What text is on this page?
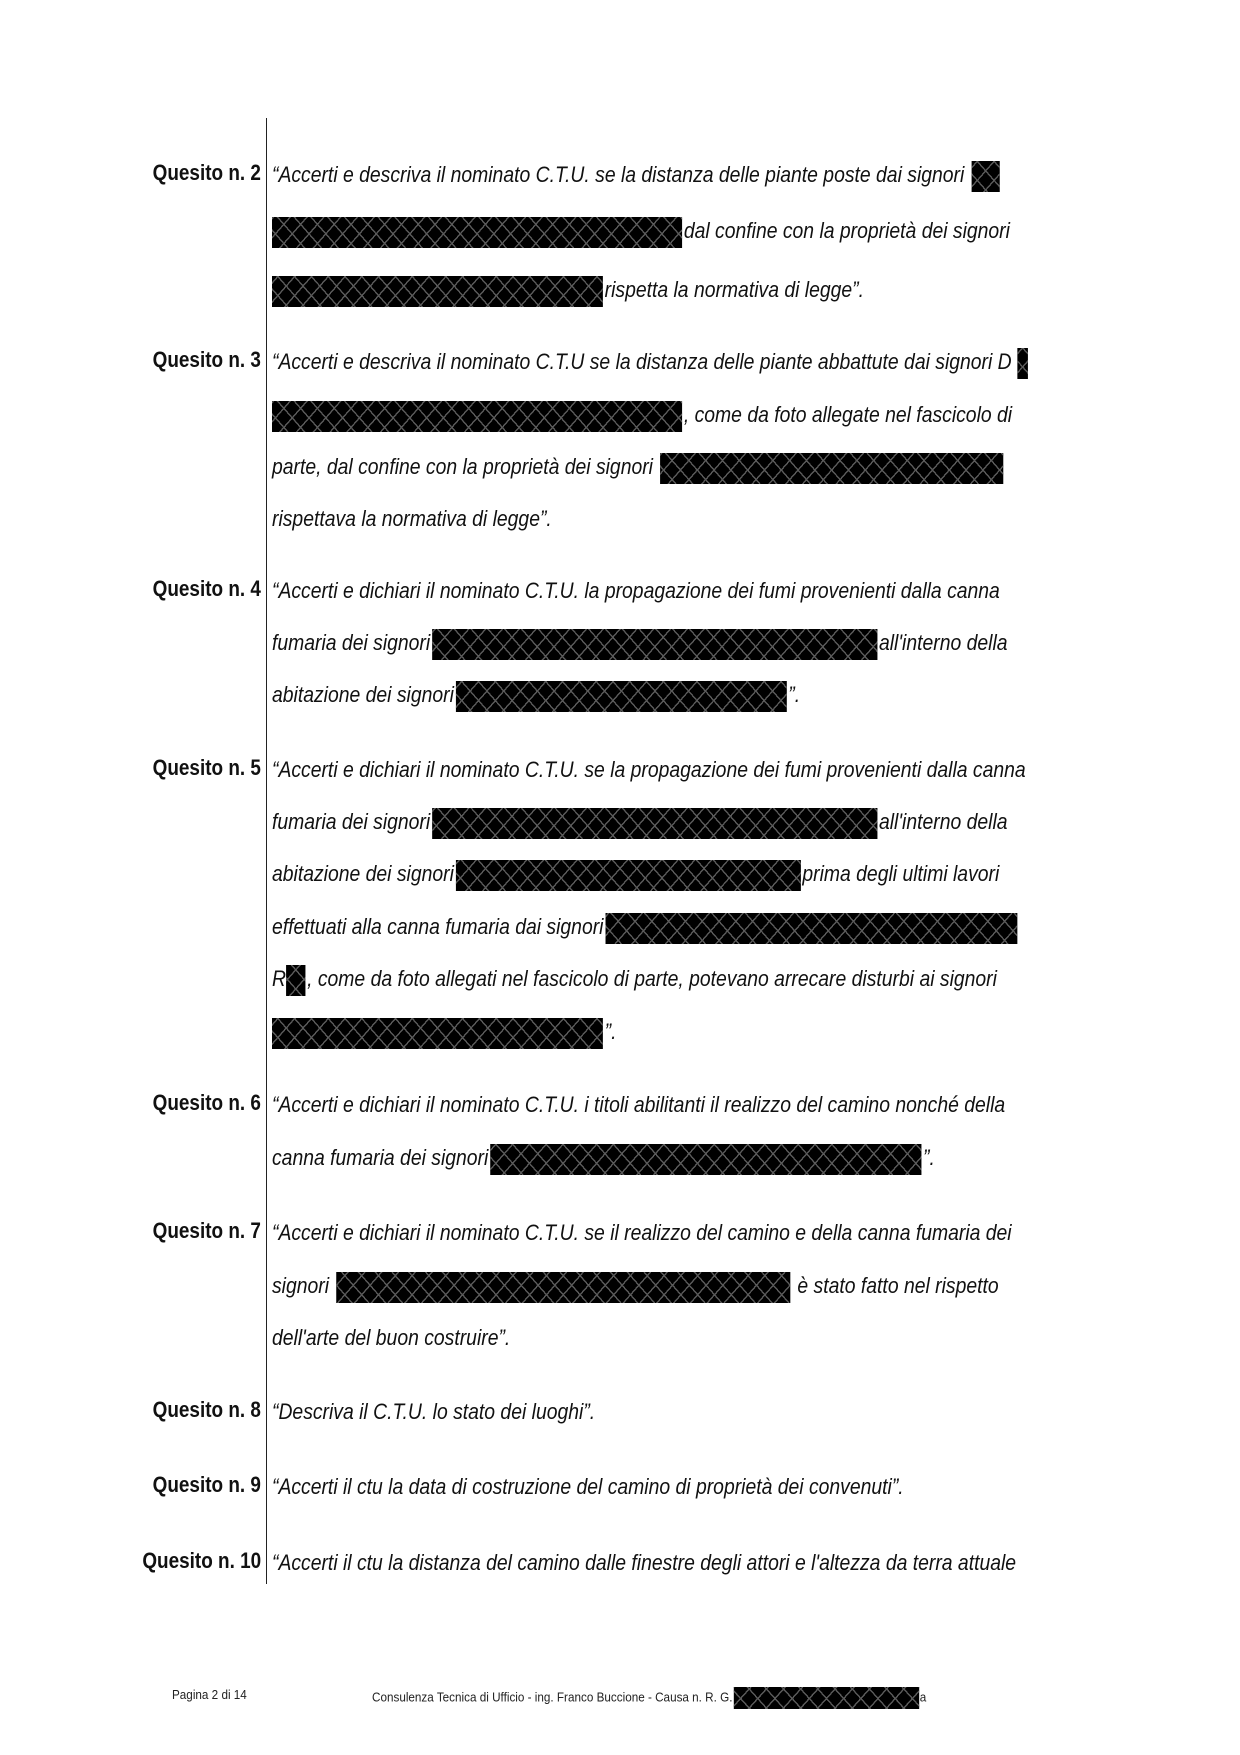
Quesito n. 2 “Accerti e descriva il nominato C.T.U. se la distanza delle piante poste dai signori
dal confine con la proprietà dei signori
rispetta la normativa di legge”.
Quesito n. 3 “Accerti e descriva il nominato C.T.U se la distanza delle piante abbattute dai signori D
, come da foto allegate nel fascicolo di
parte, dal confine con la proprietà dei signori
rispettava la normativa di legge”.
Quesito n. 4 “Accerti e dichiari il nominato C.T.U. la propagazione dei fumi provenienti dalla canna
fumaria dei signori	all'interno della
abitazione dei signori	”.
Quesito n. 5 “Accerti e dichiari il nominato C.T.U. se la propagazione dei fumi provenienti dalla canna
fumaria dei signori	all'interno della
abitazione dei signori	prima degli ultimi lavori
effettuati alla canna fumaria dai signori
R , come da foto allegati nel fascicolo di parte, potevano arrecare disturbi ai signori
”.
Quesito n. 6 “Accerti e dichiari il nominato C.T.U. i titoli abilitanti il realizzo del camino nonché della
canna fumaria dei signori	”.
Quesito n. 7 “Accerti e dichiari il nominato C.T.U. se il realizzo del camino e della canna fumaria dei
signori	è stato fatto nel rispetto
dell'arte del buon costruire”.
Quesito n. 8 “Descriva il C.T.U. lo stato dei luoghi”.
Quesito n. 9 “Accerti il ctu la data di costruzione del camino di proprietà dei convenuti”.
Quesito n. 10 “Accerti il ctu la distanza del camino dalle finestre degli attori e l'altezza da terra attuale
Pagina 2 di 14	Consulenza Tecnica di Ufficio - ing. Franco Buccione - Causa n. R. G.	a
